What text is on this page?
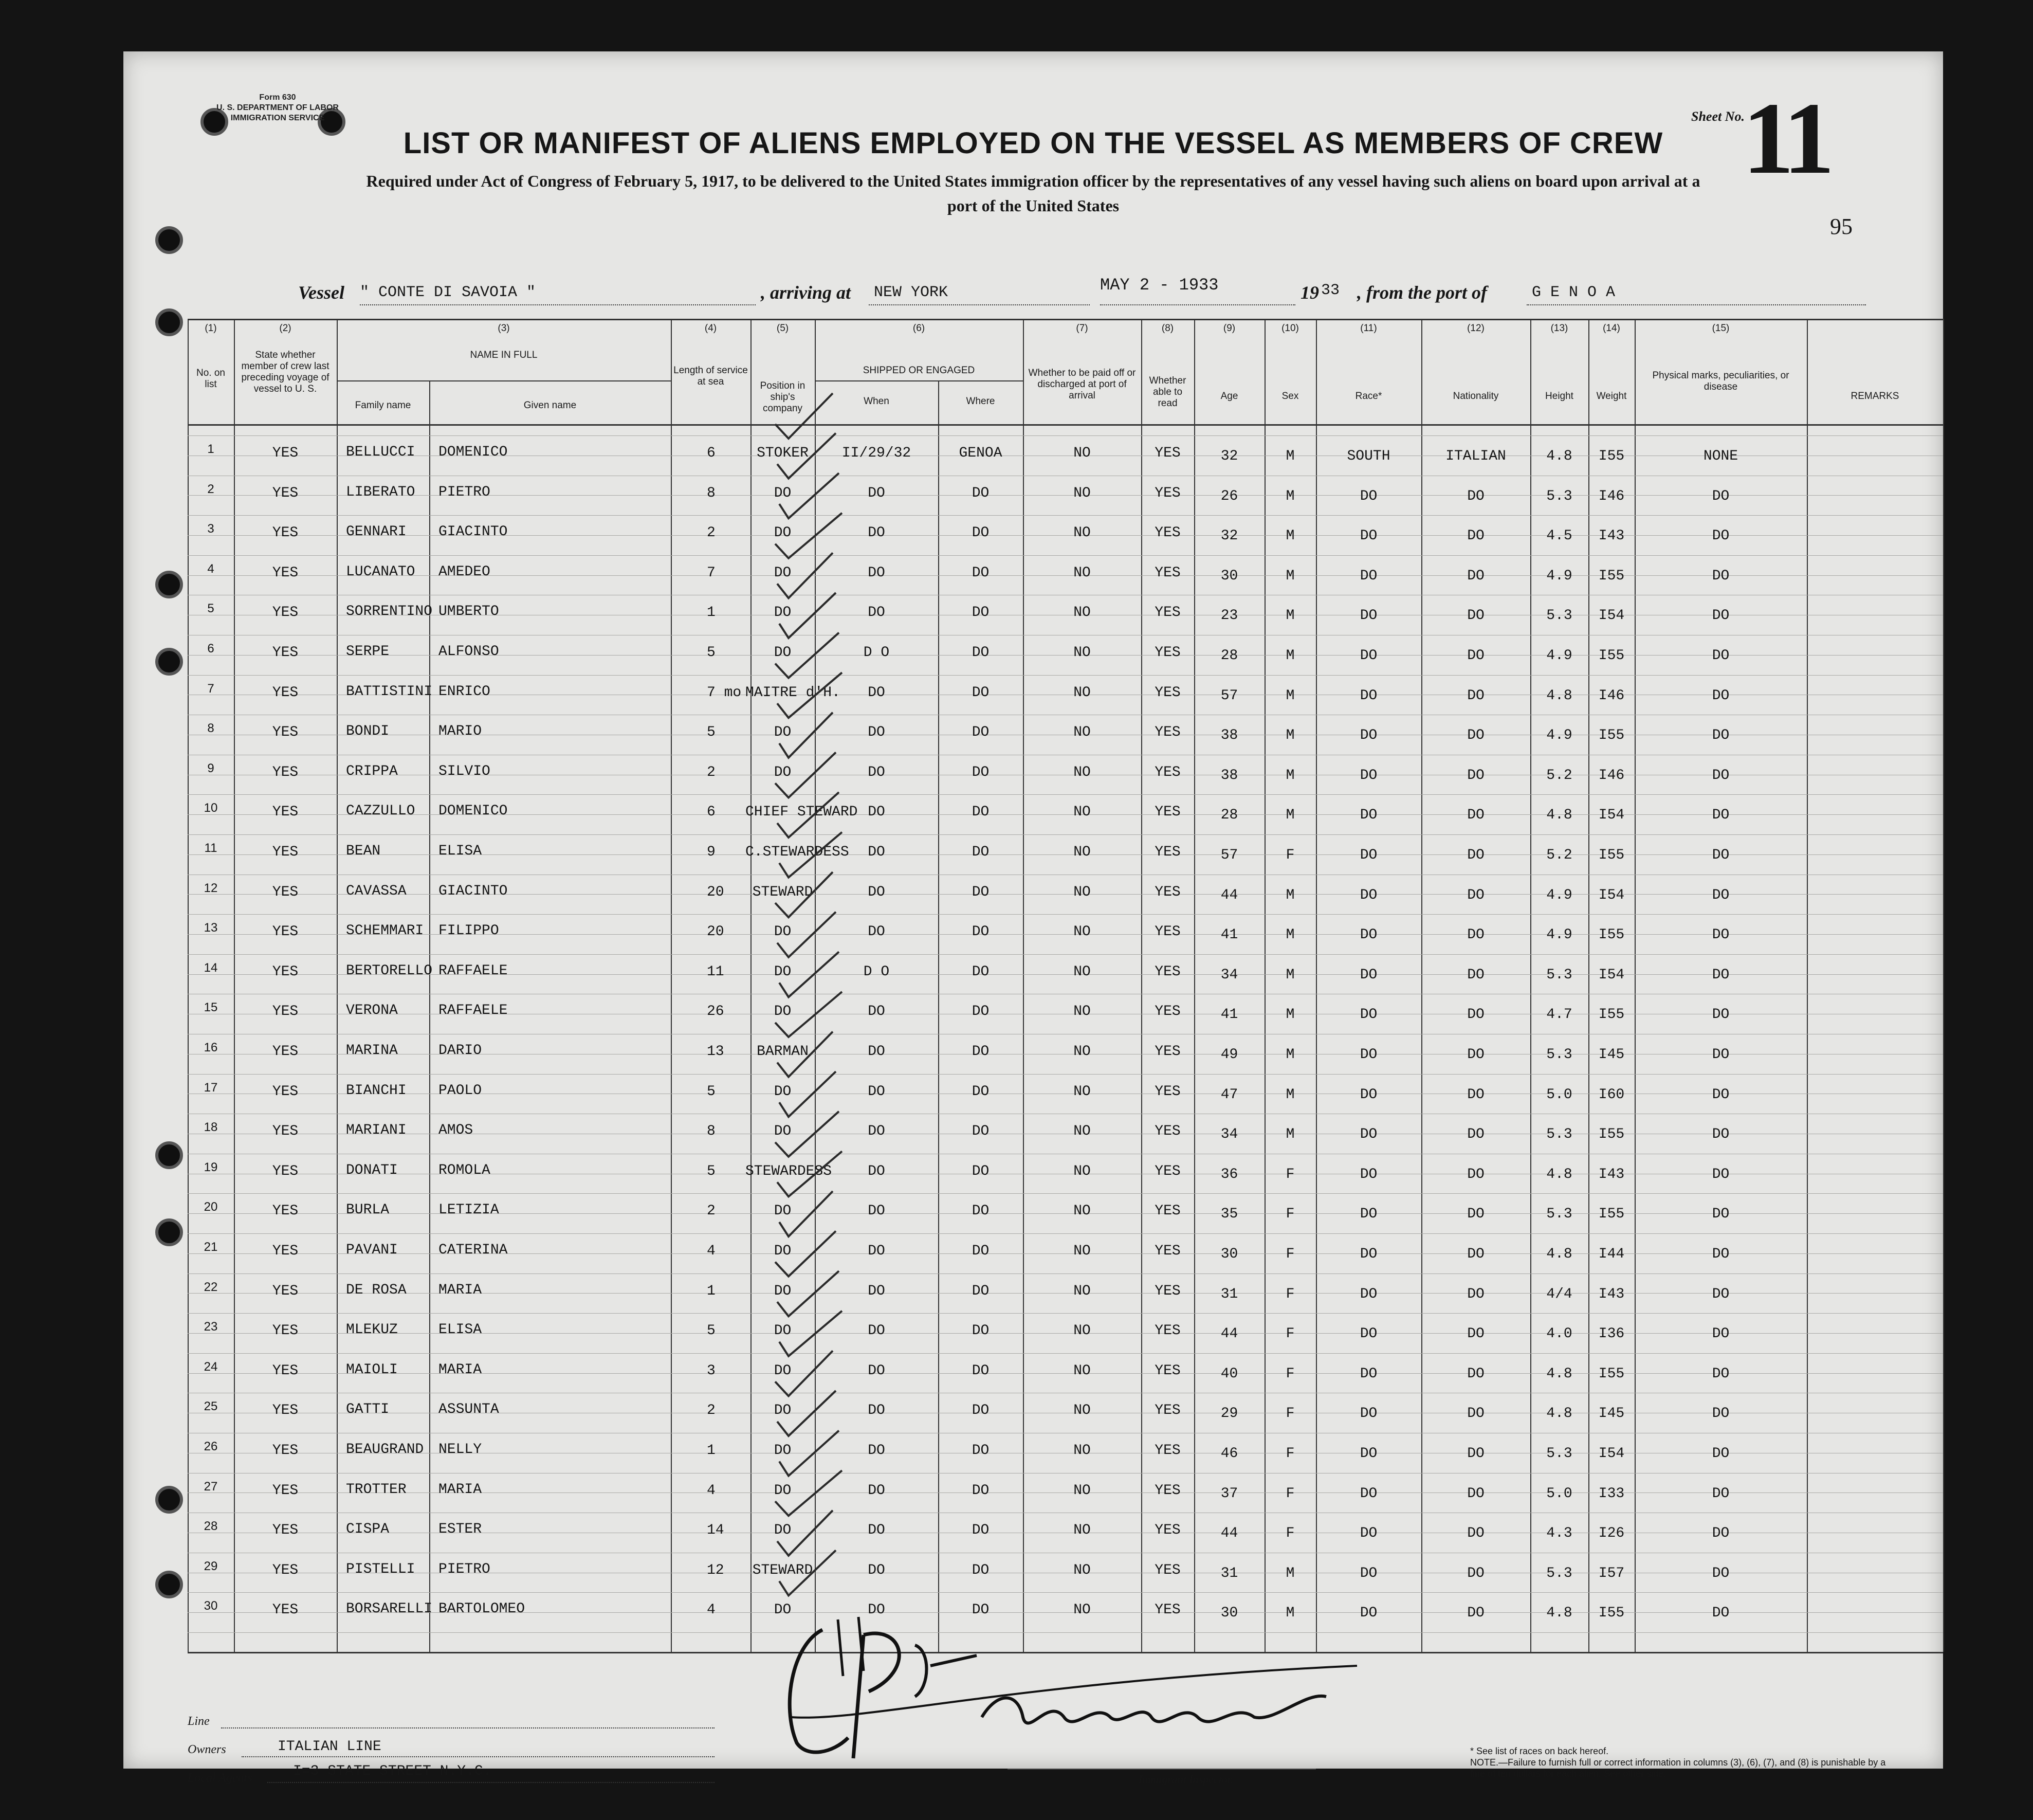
Form 630
U. S. DEPARTMENT OF LABOR
IMMIGRATION SERVICE
LIST OR MANIFEST OF ALIENS EMPLOYED ON THE VESSEL AS MEMBERS OF CREW
Required under Act of Congress of February 5, 1917, to be delivered to the United States immigration officer by the representatives of any vessel having such aliens on board upon arrival at a
port of the United States
Sheet No.
11
95
Vessel " CONTE DI SAVOIA "	, arriving at NEW YORK	MAY 2 - 1933	19 33 , from the port of	G E N O A
(1)	(2)	(3)	(4)	(5)	(6)	(7)	(8)	(9)	(10)	(11)	(12)	(13)	(14)	(15)
No. on list
State whether member of crew last preceding voyage of vessel to U. S.
NAME IN FULL
Family name	Given name
Length of service at sea	Position in ship's company
SHIPPED OR ENGAGED
When	Where
Whether to be paid off or discharged at port of arrival
Whether able to read
Age	Sex	Race*	Nationality	Height	Weight
Physical marks, peculiarities, or disease
REMARKS
1	YES	BELLUCCI DOMENICO	6	STOKER	II/29/32	GENOA	NO	YES	32	M	SOUTH	ITALIAN	4.8	I55	NONE
2	YES	LIBERATO PIETRO	8	DO	DO	DO	NO	YES	26	M	DO	DO	5.3	I46	DO
3	YES	GENNARI GIACINTO	2	DO	DO	DO	NO	YES	32	M	DO	DO	4.5	I43	DO
4	YES	LUCANATO AMEDEO	7	DO	DO	DO	NO	YES	30	M	DO	DO	4.9	I55	DO
5	YES	SORRENTINO UMBERTO	1	DO	DO	DO	NO	YES	23	M	DO	DO	5.3	I54	DO
6	YES	SERPE	ALFONSO	5	DO	D O	DO	NO	YES	28	M	DO	DO	4.9	I55	DO
7	YES	BATTISTINI ENRICO	7 mo MAITRE d'H.	DO	DO	NO	YES	57	M	DO	DO	4.8	I46	DO
8	YES	BONDI	MARIO	5	DO	DO	DO	NO	YES	38	M	DO	DO	4.9	I55	DO
9	YES	CRIPPA	SILVIO	2	DO	DO	DO	NO	YES	38	M	DO	DO	5.2	I46	DO
10	YES	CAZZULLO DOMENICO	6 CHIEF STEWARD DO	DO	NO	YES	28	M	DO	DO	4.8	I54	DO
11	YES	BEAN	ELISA	9 C.STEWARDESS	DO	DO	NO	YES	57	F	DO	DO	5.2	I55	DO
12	YES	CAVASSA GIACINTO	20 STEWARD	DO	DO	NO	YES	44	M	DO	DO	4.9	I54	DO
13	YES	SCHEMMARI FILIPPO	20	DO	DO	DO	NO	YES	41	M	DO	DO	4.9	I55	DO
14	YES	BERTORELLO RAFFAELE	11	DO	D O	DO	NO	YES	34	M	DO	DO	5.3	I54	DO
15	YES	VERONA	RAFFAELE	26	DO	DO	DO	NO	YES	41	M	DO	DO	4.7	I55	DO
16	YES	MARINA	DARIO	13	BARMAN	DO	DO	NO	YES	49	M	DO	DO	5.3	I45	DO
17	YES	BIANCHI PAOLO	5	DO	DO	DO	NO	YES	47	M	DO	DO	5.0	I60	DO
18	YES	MARIANI AMOS	8	DO	DO	DO	NO	YES	34	M	DO	DO	5.3	I55	DO
19	YES	DONATI	ROMOLA	5 STEWARDESS	DO	DO	NO	YES	36	F	DO	DO	4.8	I43	DO
20	YES	BURLA	LETIZIA	2	DO	DO	DO	NO	YES	35	F	DO	DO	5.3	I55	DO
21	YES	PAVANI	CATERINA	4	DO	DO	DO	NO	YES	30	F	DO	DO	4.8	I44	DO
22	YES	DE ROSA MARIA	1	DO	DO	DO	NO	YES	31	F	DO	DO	4/4	I43	DO
23	YES	MLEKUZ	ELISA	5	DO	DO	DO	NO	YES	44	F	DO	DO	4.0	I36	DO
24	YES	MAIOLI	MARIA	3	DO	DO	DO	NO	YES	40	F	DO	DO	4.8	I55	DO
25	YES	GATTI	ASSUNTA	2	DO	DO	DO	NO	YES	29	F	DO	DO	4.8	I45	DO
26	YES	BEAUGRAND NELLY	1	DO	DO	DO	NO	YES	46	F	DO	DO	5.3	I54	DO
27	YES	TROTTER MARIA	4	DO	DO	DO	NO	YES	37	F	DO	DO	5.0	I33	DO
28	YES	CISPA	ESTER	14	DO	DO	DO	NO	YES	44	F	DO	DO	4.3	I26	DO
29	YES	PISTELLI PIETRO	12 STEWARD	DO	DO	NO	YES	31	M	DO	DO	5.3	I57	DO
30	YES	BORSARELLI BARTOLOMEO	4	DO	DO	DO	NO	YES	30	M	DO	DO	4.8	I55	DO
Line
Owners	ITALIAN LINE
Local Agents	I=3 STATE STREET N.Y.C.	Immigrant Inspector.
* See list of races on back hereof.
NOTE.—Failure to furnish full or correct information in columns (3), (6), (7), and (8) is punishable by a fine of ten dollars for each alien. See other side.
